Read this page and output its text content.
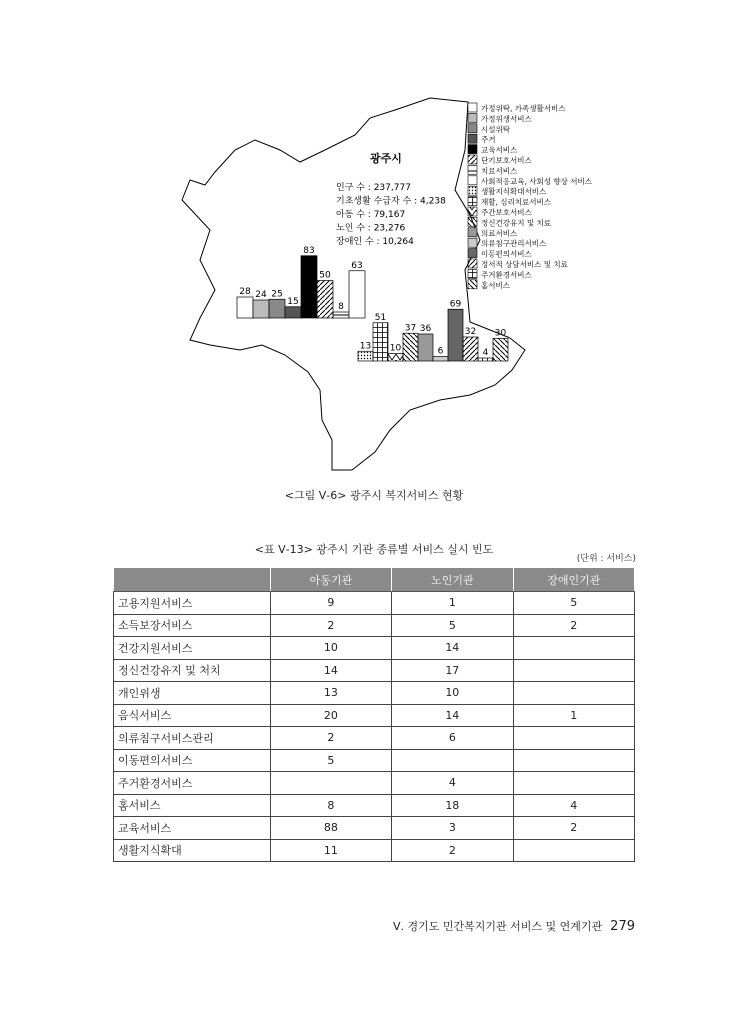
광주시
인구 수 : 237,777
기초생활 수급자 수 : 4,238
아동 수 : 79,167
노인 수 : 23,276
장애인 수 : 10,264
가정위탁, 가족생활서비스
가정위생서비스
시설위탁
주거
교육서비스
단기보호서비스
치료서비스
사회적응교육, 사회성 향상 서비스
생활지식확대서비스
재활, 심리치료서비스
주간보호서비스
정신건강유지 및 치료
의료서비스
의류침구관리서비스
이동편의서비스
정서적 상담서비스 및 치료
주거환경서비스
홈서비스
28 24 25
15
83
50
8
63
13
51
10
37 36
6
69
32
4
30
<그림 Ⅴ-6> 광주시 복지서비스 현황
<표 Ⅴ-13> 광주시 기관 종류별 서비스 실시 빈도
(단위 : 서비스)
	아동기관	노인기관	장애인기관
고용지원서비스	9	1	5
소득보장서비스	2	5	2
건강지원서비스	10	14	
정신건강유지 및 처치	14	17	
개인위생	13	10	
음식서비스	20	14	1
의류침구서비스관리	2	6	
이동편의서비스	5		
주거환경서비스		4	
홈서비스	8	18	4
교육서비스	88	3	2
생활지식확대	11	2	
Ⅴ. 경기도 민간복지기관 서비스 및 연계기관 279
